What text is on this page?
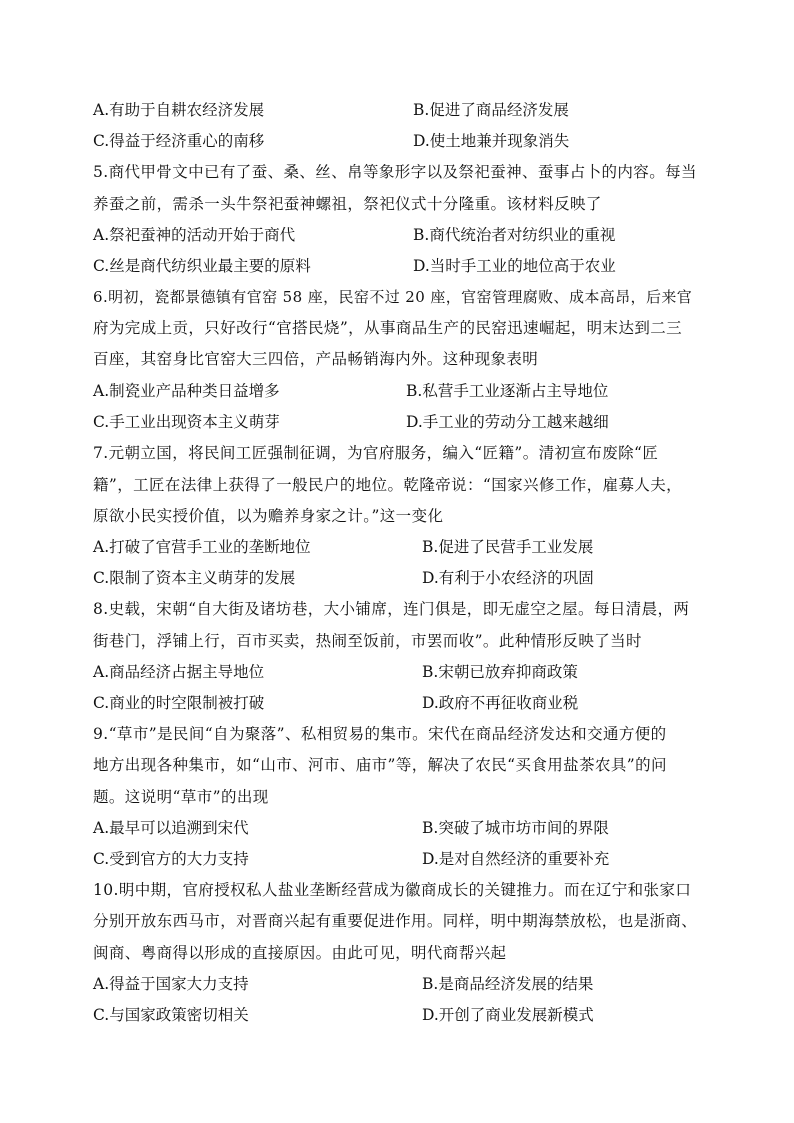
A.有助于自耕农经济发展	B.促进了商品经济发展
C.得益于经济重心的南移	D.使土地兼并现象消失
5.商代甲骨文中已有了蚕、桑、丝、帛等象形字以及祭祀蚕神、蚕事占卜的内容。每当
养蚕之前，需杀一头牛祭祀蚕神螺祖，祭祀仪式十分隆重。该材料反映了
A.祭祀蚕神的活动开始于商代	B.商代统治者对纺织业的重视
C.丝是商代纺织业最主要的原料	D.当时手工业的地位高于农业
6.明初，瓷都景德镇有官窑 58 座，民窑不过 20 座，官窑管理腐败、成本高昂，后来官
府为完成上贡，只好改行“官搭民烧”，从事商品生产的民窑迅速崛起，明末达到二三
百座，其窑身比官窑大三四倍，产品畅销海内外。这种现象表明
A.制瓷业产品种类日益增多	B.私营手工业逐渐占主导地位
C.手工业出现资本主义萌芽	D.手工业的劳动分工越来越细
7.元朝立国，将民间工匠强制征调，为官府服务，编入“匠籍”。清初宣布废除“匠
籍”，工匠在法律上获得了一般民户的地位。乾隆帝说：“国家兴修工作，雇募人夫，
原欲小民实授价值，以为赡养身家之计。”这一变化
A.打破了官营手工业的垄断地位	B.促进了民营手工业发展
C.限制了资本主义萌芽的发展	D.有利于小农经济的巩固
8.史载，宋朝“自大街及诸坊巷，大小铺席，连门俱是，即无虚空之屋。每日清晨，两
街巷门，浮铺上行，百市买卖，热闹至饭前，市罢而收”。此种情形反映了当时
A.商品经济占据主导地位	B.宋朝已放弃抑商政策
C.商业的时空限制被打破	D.政府不再征收商业税
9.“草市”是民间“自为聚落”、私相贸易的集市。宋代在商品经济发达和交通方便的
地方出现各种集市，如“山市、河市、庙市”等，解决了农民“买食用盐茶农具”的问
题。这说明“草市”的出现
A.最早可以追溯到宋代	B.突破了城市坊市间的界限
C.受到官方的大力支持	D.是对自然经济的重要补充
10.明中期，官府授权私人盐业垄断经营成为徽商成长的关键推力。而在辽宁和张家口
分别开放东西马市，对晋商兴起有重要促进作用。同样，明中期海禁放松，也是浙商、
闽商、粤商得以形成的直接原因。由此可见，明代商帮兴起
A.得益于国家大力支持	B.是商品经济发展的结果
C.与国家政策密切相关	D.开创了商业发展新模式
